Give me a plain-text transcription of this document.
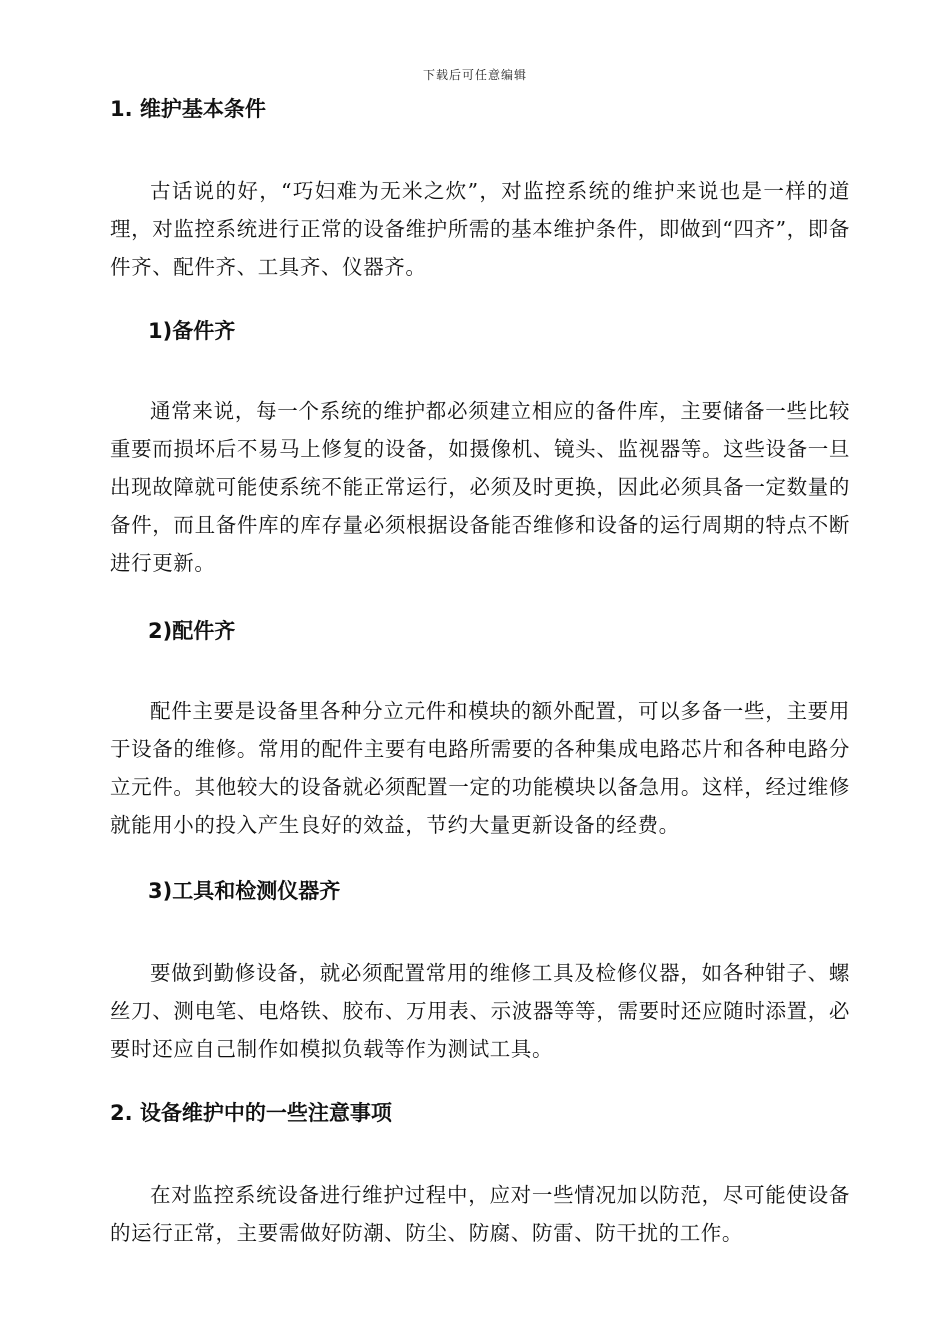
下载后可任意编辑
1. 维护基本条件
古话说的好，“巧妇难为无米之炊”，对监控系统的维护来说也是一样的道理，对监控系统进行正常的设备维护所需的基本维护条件，即做到“四齐”，即备件齐、配件齐、工具齐、仪器齐。
1)备件齐
通常来说，每一个系统的维护都必须建立相应的备件库，主要储备一些比较重要而损坏后不易马上修复的设备，如摄像机、镜头、监视器等。这些设备一旦出现故障就可能使系统不能正常运行，必须及时更换，因此必须具备一定数量的备件，而且备件库的库存量必须根据设备能否维修和设备的运行周期的特点不断进行更新。
2)配件齐
配件主要是设备里各种分立元件和模块的额外配置，可以多备一些，主要用于设备的维修。常用的配件主要有电路所需要的各种集成电路芯片和各种电路分立元件。其他较大的设备就必须配置一定的功能模块以备急用。这样，经过维修就能用小的投入产生良好的效益，节约大量更新设备的经费。
3)工具和检测仪器齐
要做到勤修设备，就必须配置常用的维修工具及检修仪器，如各种钳子、螺丝刀、测电笔、电烙铁、胶布、万用表、示波器等等，需要时还应随时添置，必要时还应自己制作如模拟负载等作为测试工具。
2. 设备维护中的一些注意事项
在对监控系统设备进行维护过程中，应对一些情况加以防范，尽可能使设备的运行正常，主要需做好防潮、防尘、防腐、防雷、防干扰的工作。
